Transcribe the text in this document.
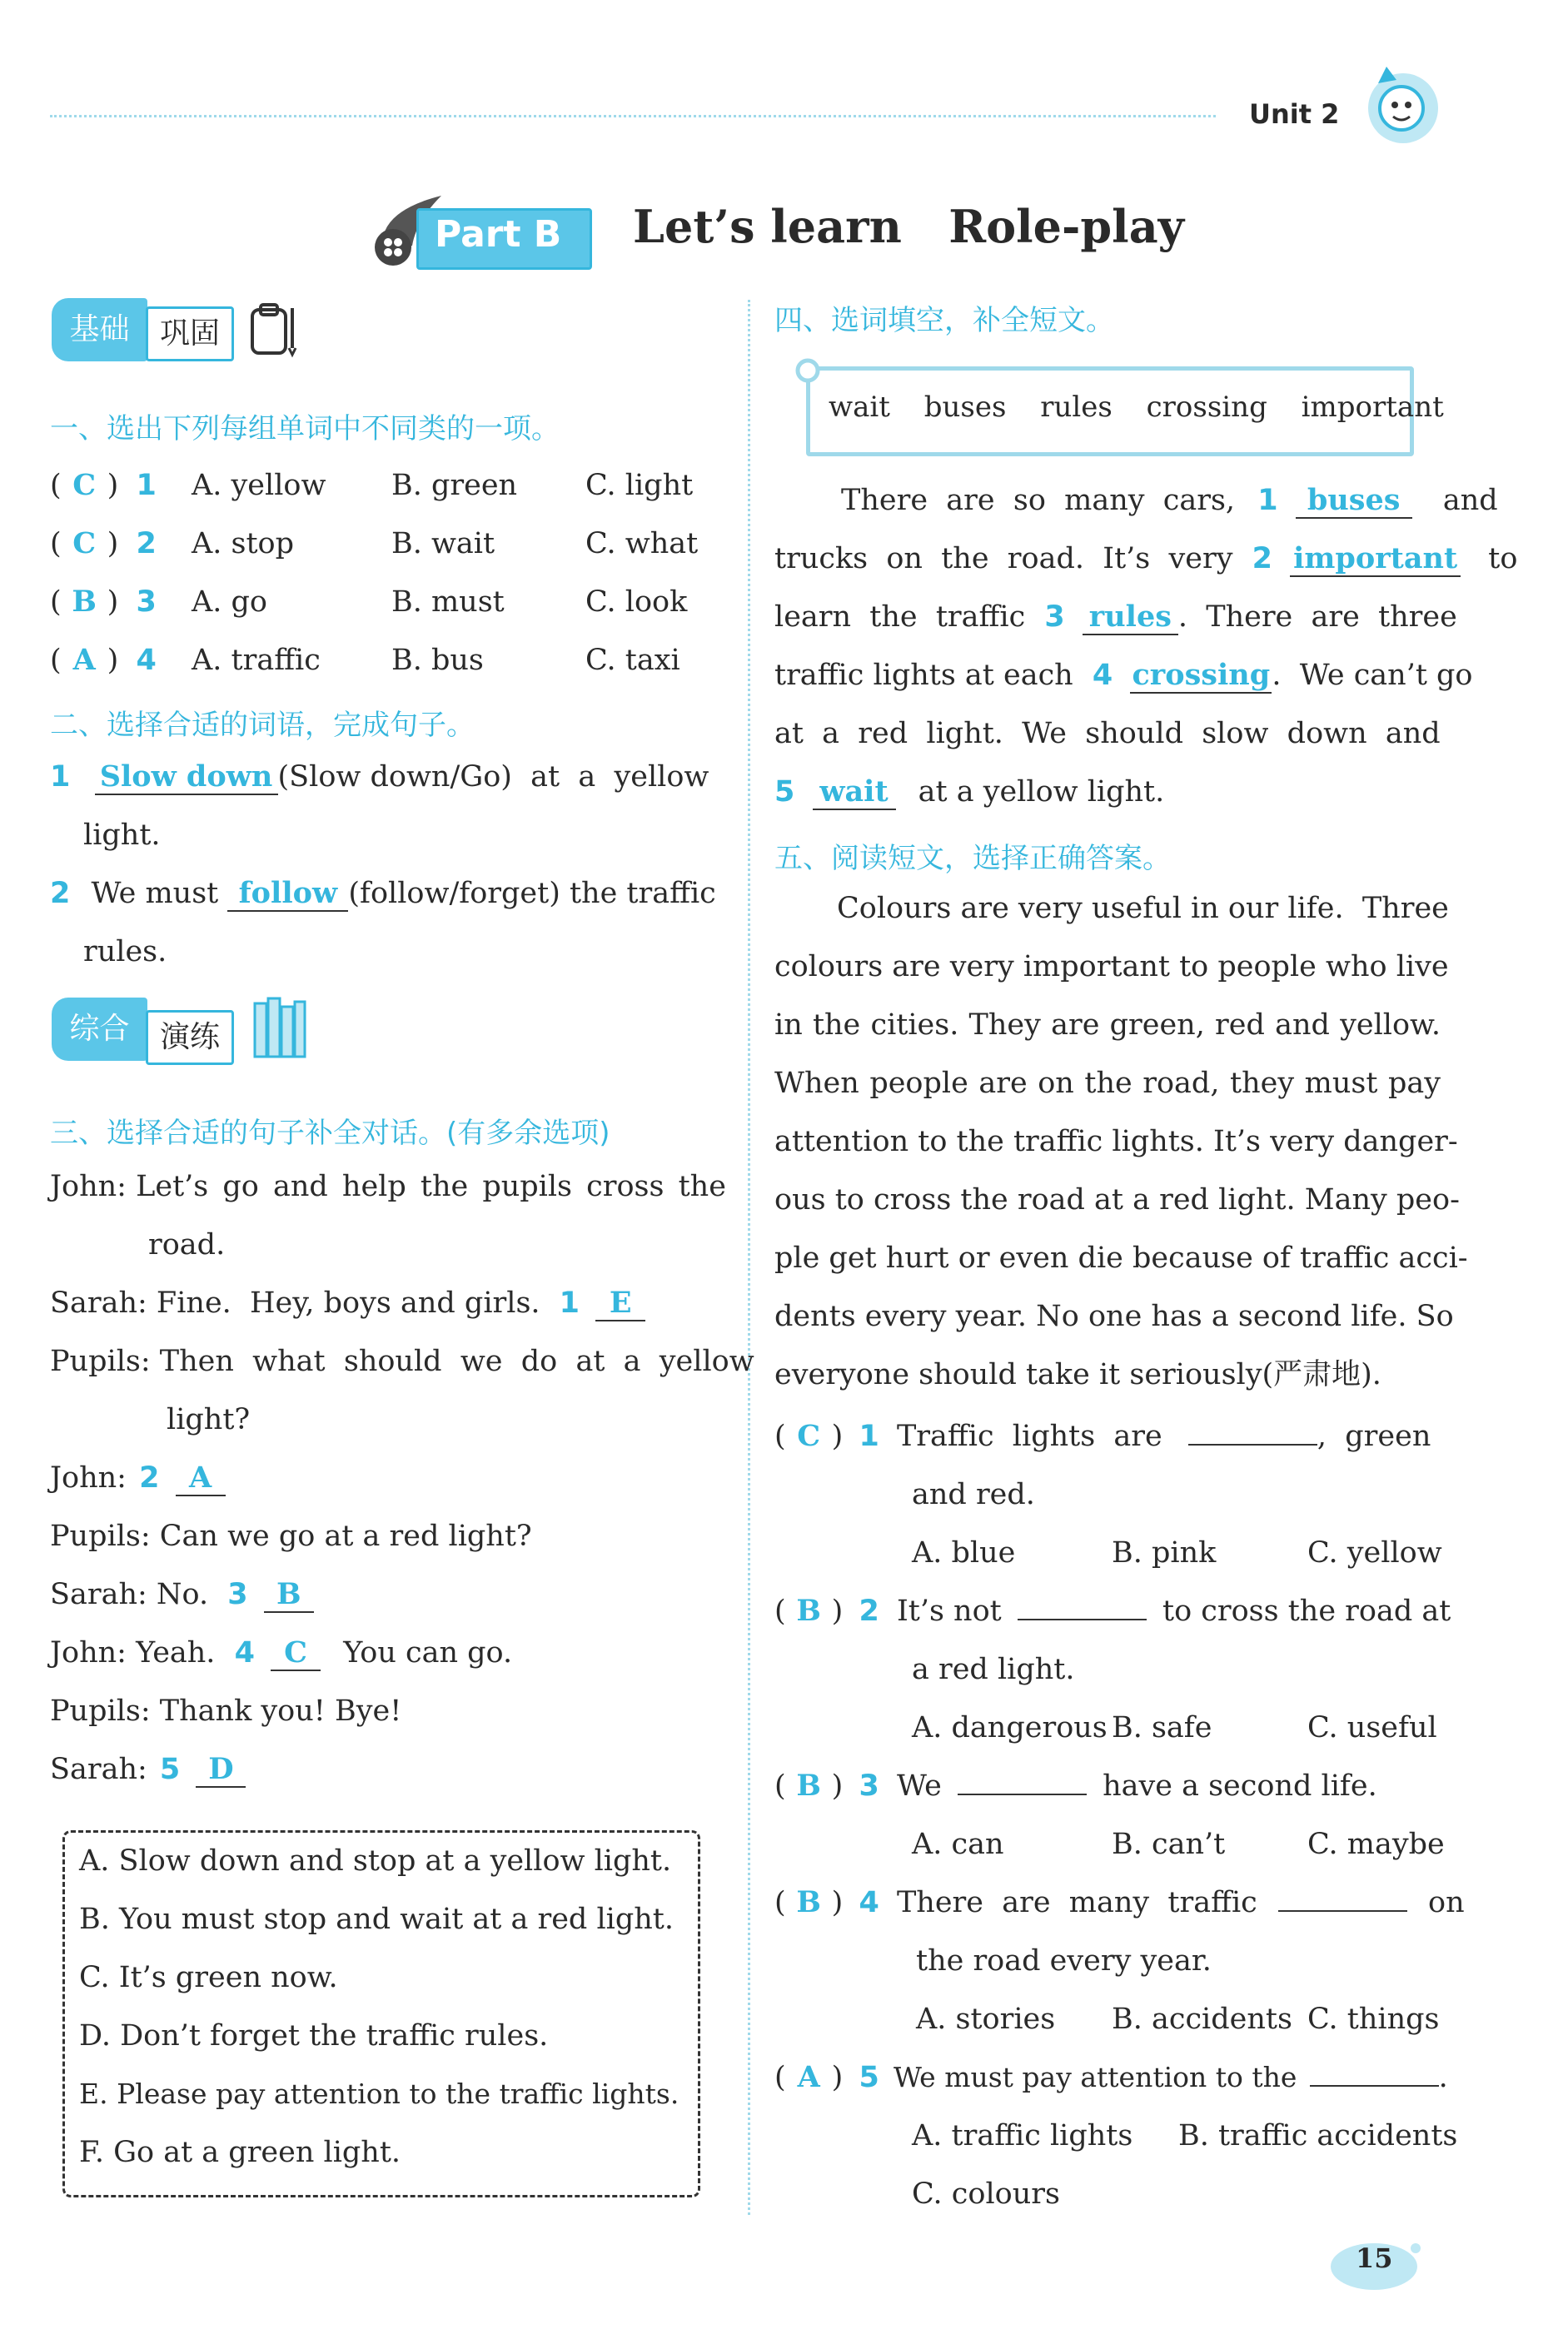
Unit 2
Part B Let’s learn   Role-play
基础	巩固
一、选出下列每组单词中不同类的一项。
( C ) 1 A. yellow B. green C. light
( C ) 2 A. stop	B. wait	C. what
( B ) 3 A. go	B. must	C. look
( A ) 4 A. traffic B. bus	C. taxi
二、选择合适的词语，完成句子。
1 Slow down (Slow down/Go)  at  a  yellow
light.
2 We must follow (follow/forget) the traffic
rules.
综合	演练
三、选择合适的句子补全对话。(有多余选项)
John: Let’s go and help the pupils cross the
road.
Sarah: Fine.  Hey, boys and girls. 1 E
Pupils: Then  what  should  we  do  at  a  yellow
light?
John: 2 A
Pupils: Can we go at a red light?
Sarah: No. 3 B
John: Yeah. 4 C You can go.
Pupils: Thank you! Bye!
Sarah: 5 D
A. Slow down and stop at a yellow light.
B. You must stop and wait at a red light.
C. It’s green now.
D. Don’t forget the traffic rules.
E. Please pay attention to the traffic lights.
F. Go at a green light.
四、选词填空，补全短文。
wait buses rules crossing important
There  are  so  many  cars, 1 buses and
trucks  on  the  road.  It’s  very 2 important to
learn  the  traffic 3 rules .  There  are  three
traffic lights at each 4 crossing.  We can’t go
at  a  red  light.  We  should  slow  down  and
5 wait at a yellow light.
五、阅读短文，选择正确答案。
Colours are very useful in our life.  Three
colours are very important to people who live
in the cities. They are green, red and yellow.
When people are on the road, they must pay
attention to the traffic lights. It’s very danger-
ous to cross the road at a red light. Many peo-
ple get hurt or even die because of traffic acci-
dents every year. No one has a second life. So
everyone should take it seriously(严肃地).
( C ) 1 Traffic  lights  are	,  green
and red.
A. blue	B. pink	C. yellow
( B ) 2 It’s not	to cross the road at
a red light.
A. dangerous B. safe	C. useful
( B ) 3 We	have a second life.
A. can	B. can’t	C. maybe
( B ) 4 There  are  many  traffic	on
the road every year.
A. stories B. accidents C. things
( A ) 5 We must pay attention to the	.
A. traffic lights B. traffic accidents
C. colours
15
